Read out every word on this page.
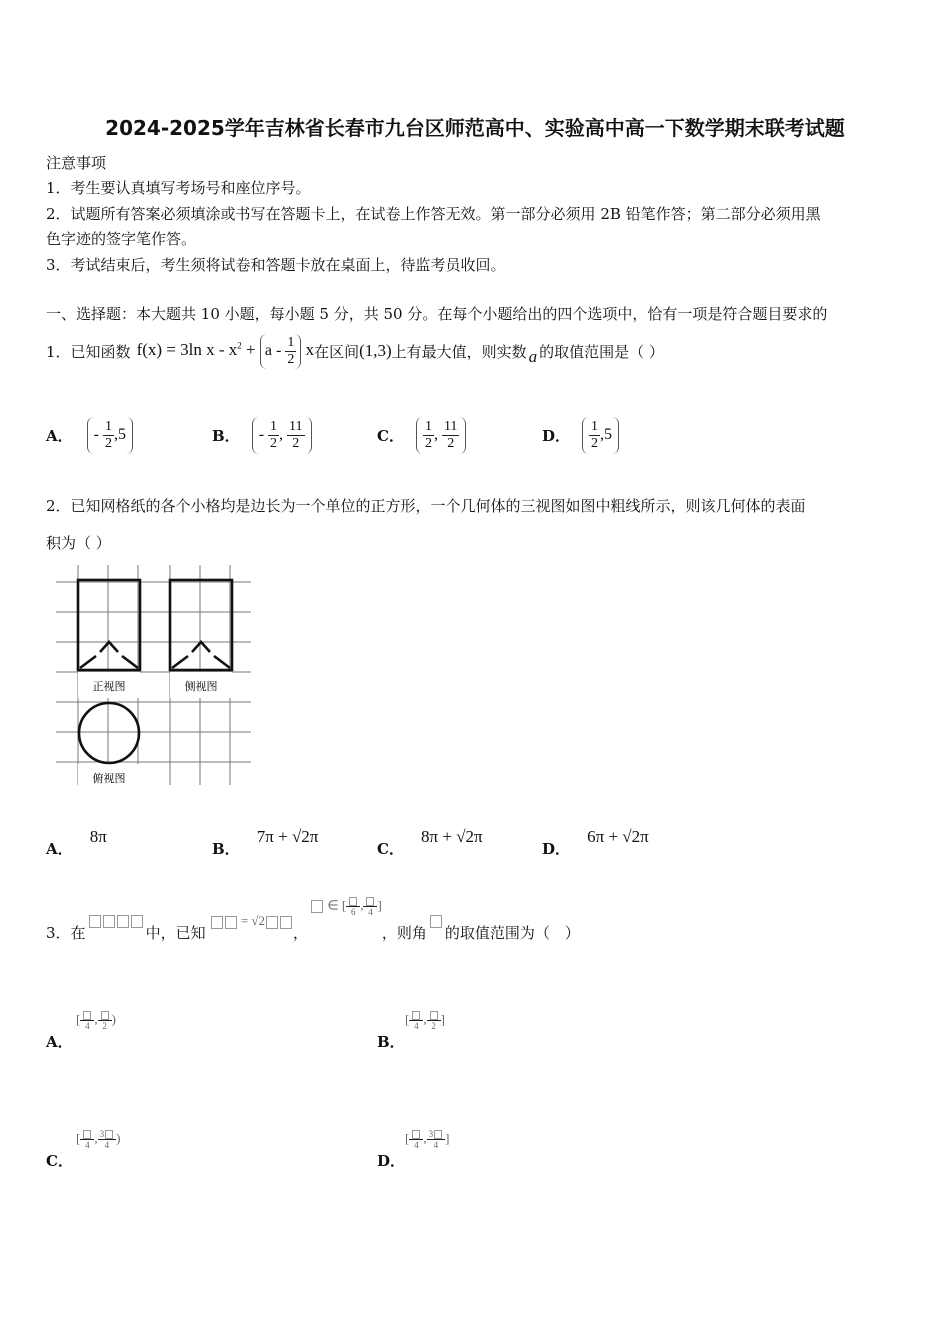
2024-2025学年吉林省长春市九台区师范高中、实验高中高一下数学期末联考试题
注意事项
1．考生要认真填写考场号和座位序号。
2．试题所有答案必须填涂或书写在答题卡上，在试卷上作答无效。第一部分必须用 2B 铅笔作答；第二部分必须用黑
色字迹的签字笔作答。
3．考试结束后，考生须将试卷和答题卡放在桌面上，待监考员收回。
一、选择题：本大题共 10 小题，每小题 5 分，共 50 分。在每个小题给出的四个选项中，恰有一项是符合题目要求的
1． 已知函数 f(x) = 3ln $x - x^2 + a - \frac{1}{2}$ x 在区间 (1,3) 上有最大值，则实数 a 的取值范围是（ ）
A．	- $\frac{1}{2} ,5$	B．	- $\frac{1}{2}$ , $\frac{11}{2}$	C． $\frac{1}{2}$ , $\frac{11}{2}$	D． $\frac{1}{2} ,5$
2．已知网格纸的各个小格均是边长为一个单位的正方形，一个几何体的三视图如图中粗线所示，则该几何体的表面
积为（ ）
正视图	侧视图
俯视图
A． 8π
B． 7π + √2π
C． 8π + √2π
D． 6π + √2π
3． 在	中，已知
= √2
，
∈ [ 6 , 4 ]
，则角 的取值范围为（　）
[ 4 , 2 )
A．
[ 4 , 2 ]
B．
[ 4 , $\frac{3}{4}$ )
C．
[ 4 , $\frac{3}{4}$ ]
D．
